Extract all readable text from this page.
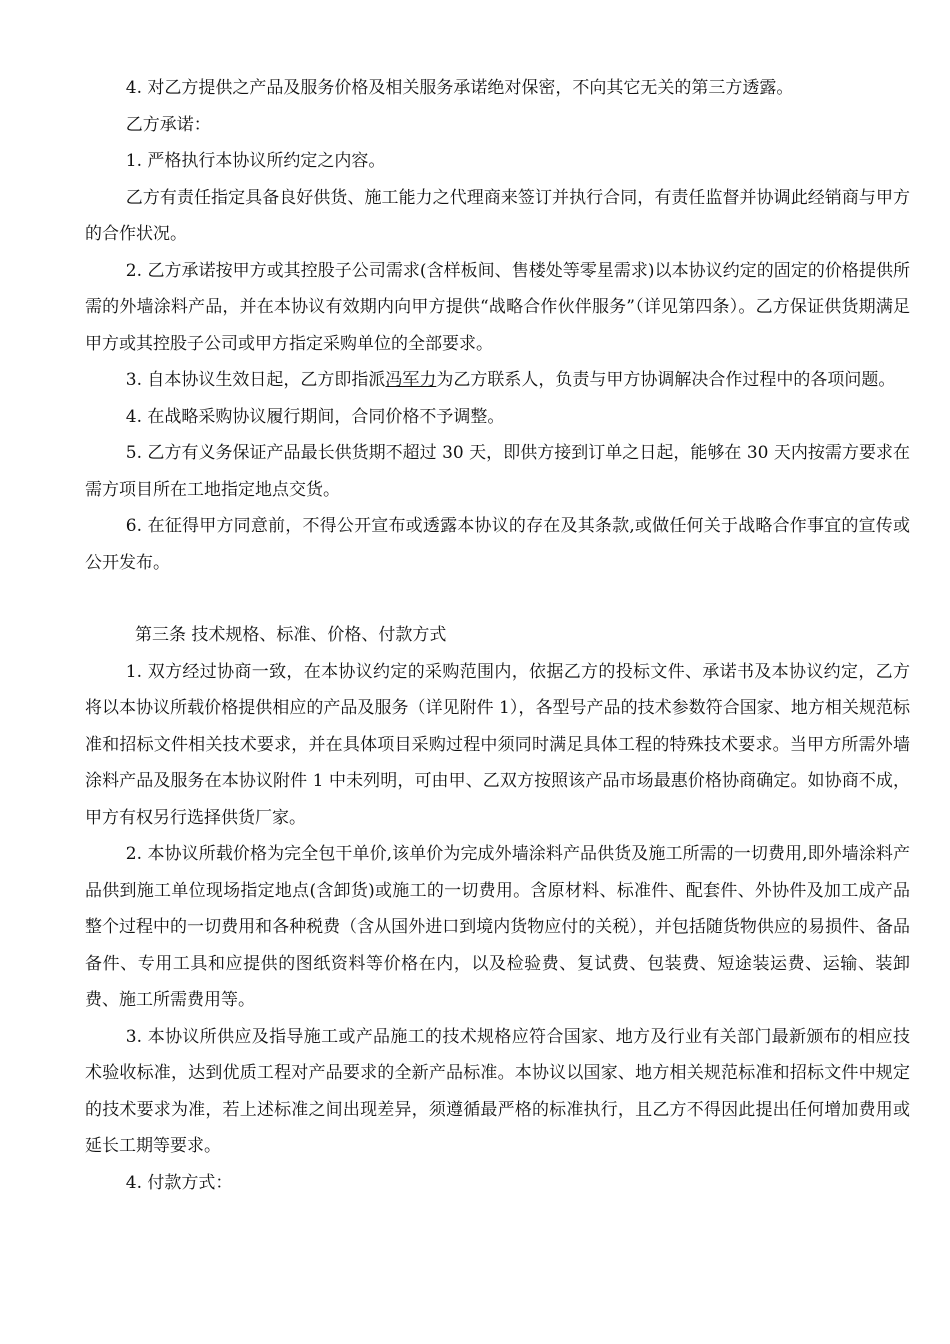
4. 对乙方提供之产品及服务价格及相关服务承诺绝对保密，不向其它无关的第三方透露。

乙方承诺：

1. 严格执行本协议所约定之内容。

乙方有责任指定具备良好供货、施工能力之代理商来签订并执行合同，有责任监督并协调此经销商与甲方的合作状况。

2. 乙方承诺按甲方或其控股子公司需求(含样板间、售楼处等零星需求)以本协议约定的固定的价格提供所需的外墙涂料产品，并在本协议有效期内向甲方提供“战略合作伙伴服务”（详见第四条）。乙方保证供货期满足甲方或其控股子公司或甲方指定采购单位的全部要求。

3. 自本协议生效日起，乙方即指派冯军力为乙方联系人，负责与甲方协调解决合作过程中的各项问题。

4. 在战略采购协议履行期间，合同价格不予调整。

5. 乙方有义务保证产品最长供货期不超过 30 天，即供方接到订单之日起，能够在 30 天内按需方要求在需方项目所在工地指定地点交货。

6. 在征得甲方同意前，不得公开宣布或透露本协议的存在及其条款,或做任何关于战略合作事宜的宣传或公开发布。

第三条 技术规格、标准、价格、付款方式

1. 双方经过协商一致，在本协议约定的采购范围内，依据乙方的投标文件、承诺书及本协议约定，乙方将以本协议所载价格提供相应的产品及服务（详见附件 1），各型号产品的技术参数符合国家、地方相关规范标准和招标文件相关技术要求，并在具体项目采购过程中须同时满足具体工程的特殊技术要求。当甲方所需外墙涂料产品及服务在本协议附件 1 中未列明，可由甲、乙双方按照该产品市场最惠价格协商确定。如协商不成，甲方有权另行选择供货厂家。

2. 本协议所载价格为完全包干单价,该单价为完成外墙涂料产品供货及施工所需的一切费用,即外墙涂料产品供到施工单位现场指定地点(含卸货)或施工的一切费用。含原材料、标准件、配套件、外协件及加工成产品整个过程中的一切费用和各种税费（含从国外进口到境内货物应付的关税），并包括随货物供应的易损件、备品备件、专用工具和应提供的图纸资料等价格在内，以及检验费、复试费、包装费、短途装运费、运输、装卸费、施工所需费用等。

3. 本协议所供应及指导施工或产品施工的技术规格应符合国家、地方及行业有关部门最新颁布的相应技术验收标准，达到优质工程对产品要求的全新产品标准。本协议以国家、地方相关规范标准和招标文件中规定的技术要求为准，若上述标准之间出现差异，须遵循最严格的标准执行，且乙方不得因此提出任何增加费用或延长工期等要求。

4. 付款方式：
